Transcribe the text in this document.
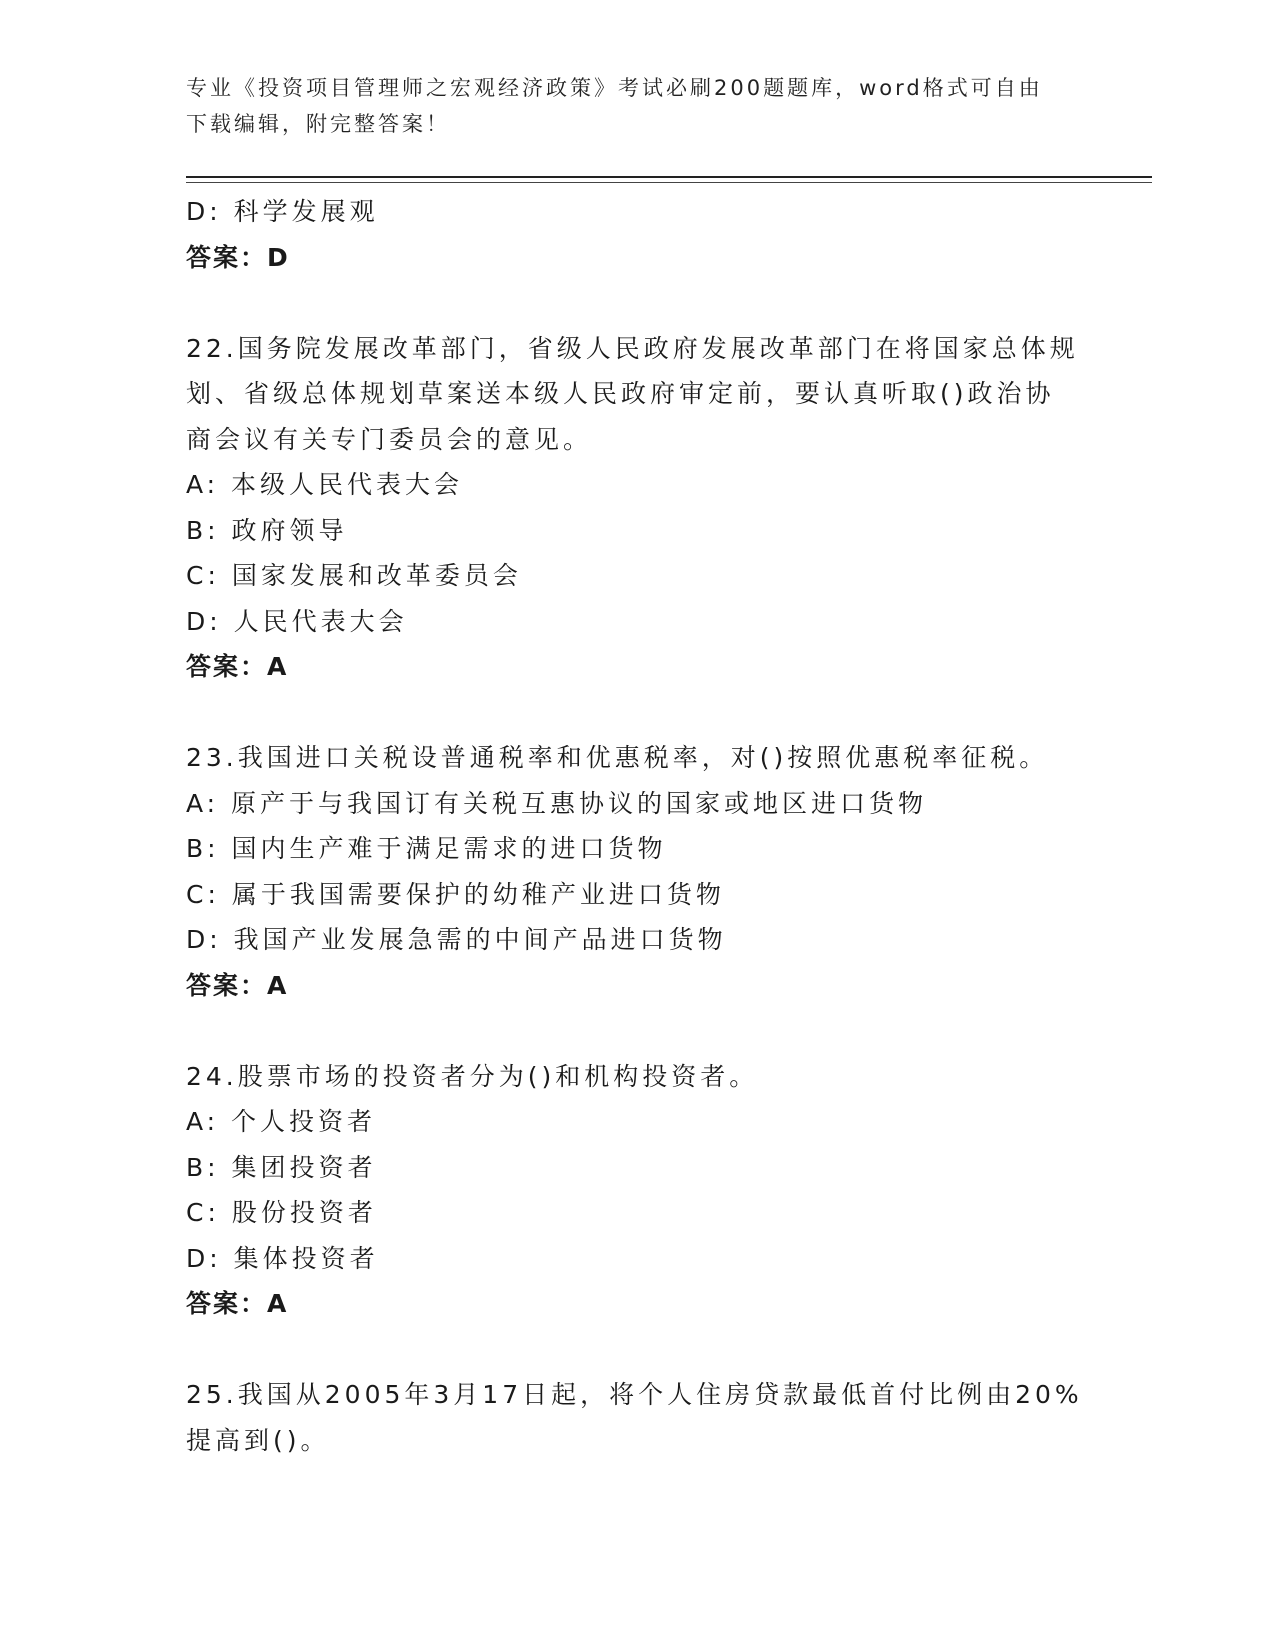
专业《投资项目管理师之宏观经济政策》考试必刷200题题库，word格式可自由
下载编辑，附完整答案！
D: 科学发展观
答案：D
22.国务院发展改革部门，省级人民政府发展改革部门在将国家总体规
划、省级总体规划草案送本级人民政府审定前，要认真听取()政治协
商会议有关专门委员会的意见。
A: 本级人民代表大会
B: 政府领导
C: 国家发展和改革委员会
D: 人民代表大会
答案：A
23.我国进口关税设普通税率和优惠税率，对()按照优惠税率征税。
A: 原产于与我国订有关税互惠协议的国家或地区进口货物
B: 国内生产难于满足需求的进口货物
C: 属于我国需要保护的幼稚产业进口货物
D: 我国产业发展急需的中间产品进口货物
答案：A
24.股票市场的投资者分为()和机构投资者。
A: 个人投资者
B: 集团投资者
C: 股份投资者
D: 集体投资者
答案：A
25.我国从2005年3月17日起，将个人住房贷款最低首付比例由20%
提高到()。
